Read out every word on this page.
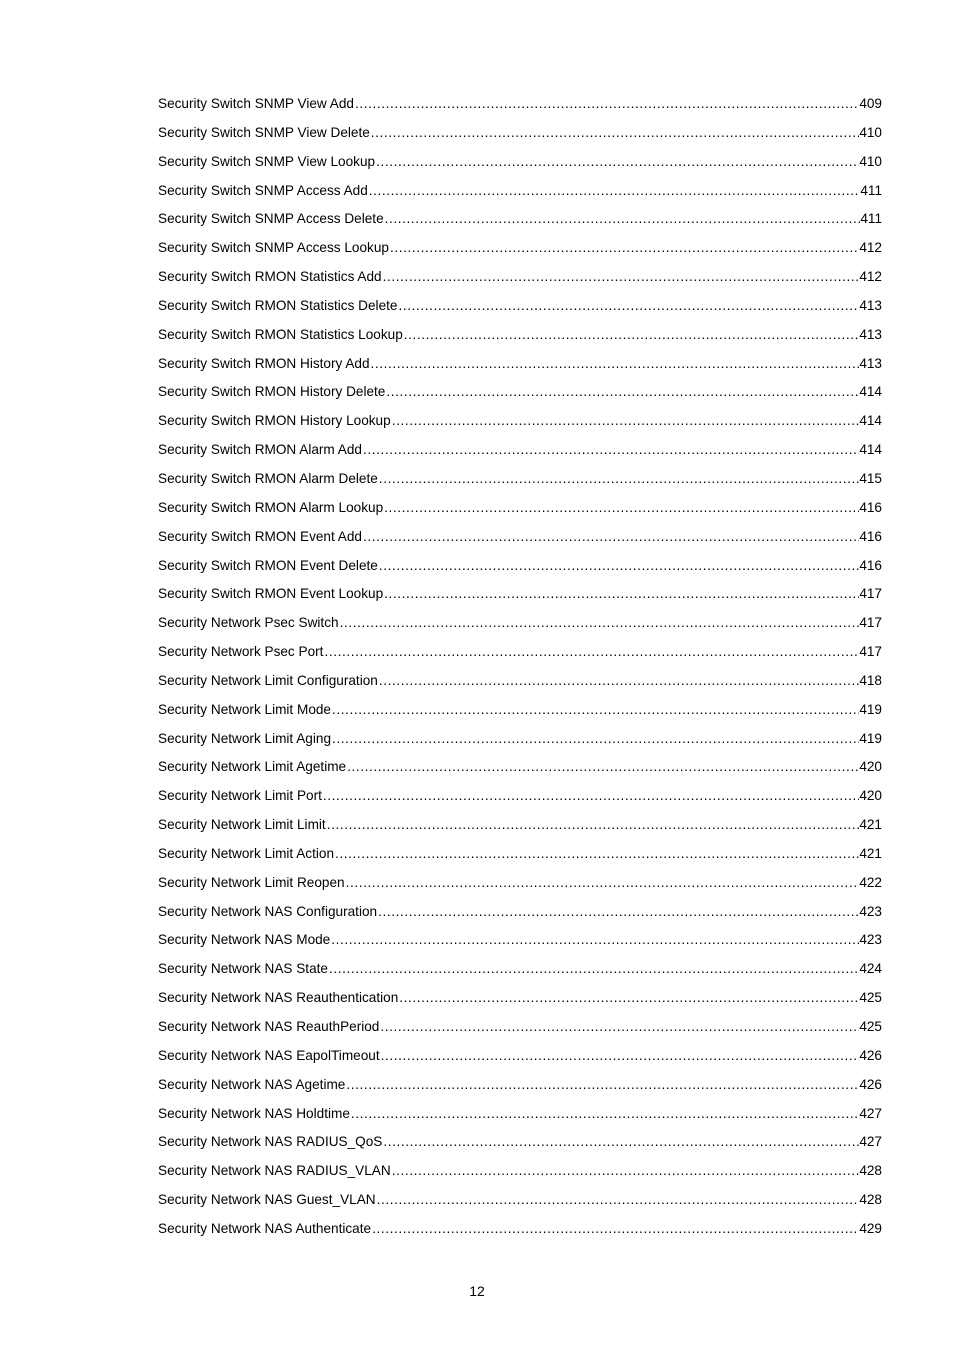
Security Switch SNMP View Add .....	409
Security Switch SNMP View Delete .....	410
Security Switch SNMP View Lookup .....	410
Security Switch SNMP Access Add .....	411
Security Switch SNMP Access Delete .....	411
Security Switch SNMP Access Lookup .....	412
Security Switch RMON Statistics Add .....	412
Security Switch RMON Statistics Delete .....	413
Security Switch RMON Statistics Lookup .....	413
Security Switch RMON History Add .....	413
Security Switch RMON History Delete .....	414
Security Switch RMON History Lookup .....	414
Security Switch RMON Alarm Add .....	414
Security Switch RMON Alarm Delete .....	415
Security Switch RMON Alarm Lookup .....	416
Security Switch RMON Event Add .....	416
Security Switch RMON Event Delete .....	416
Security Switch RMON Event Lookup .....	417
Security Network Psec Switch .....	417
Security Network Psec Port .....	417
Security Network Limit Configuration .....	418
Security Network Limit Mode .....	419
Security Network Limit Aging .....	419
Security Network Limit Agetime .....	420
Security Network Limit Port .....	420
Security Network Limit Limit .....	421
Security Network Limit Action .....	421
Security Network Limit Reopen .....	422
Security Network NAS Configuration .....	423
Security Network NAS Mode .....	423
Security Network NAS State .....	424
Security Network NAS Reauthentication .....	425
Security Network NAS ReauthPeriod .....	425
Security Network NAS EapolTimeout .....	426
Security Network NAS Agetime .....	426
Security Network NAS Holdtime .....	427
Security Network NAS RADIUS_QoS .....	427
Security Network NAS RADIUS_VLAN .....	428
Security Network NAS Guest_VLAN .....	428
Security Network NAS Authenticate .....	429
12
